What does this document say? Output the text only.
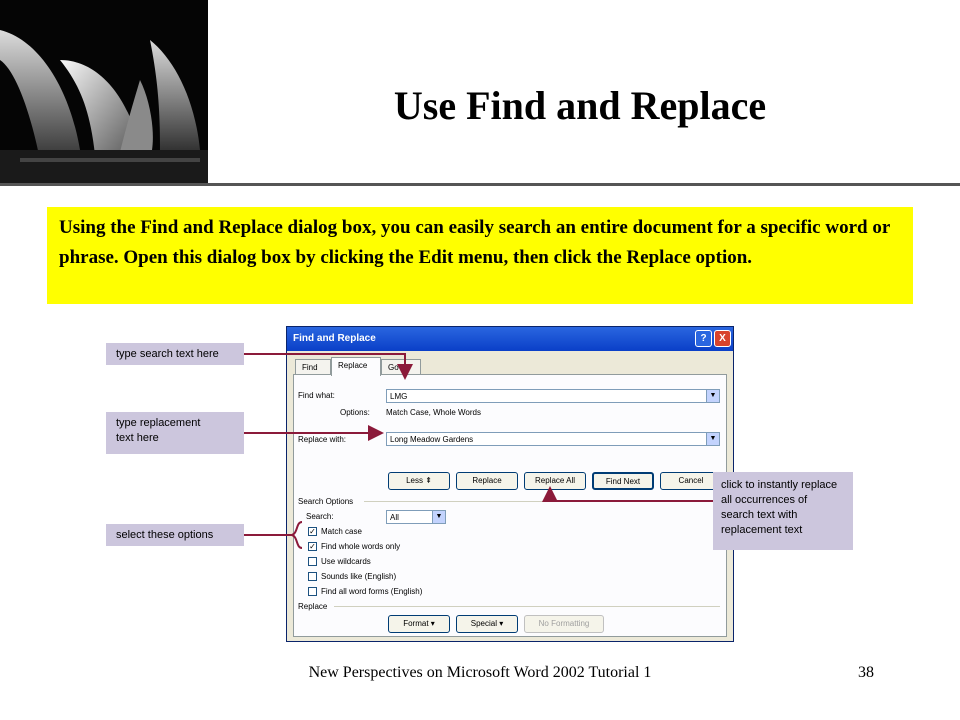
Use Find and Replace
Using the Find and Replace dialog box, you can easily search an entire document for a specific word or phrase. Open this dialog box by clicking the Edit menu, then click the Replace option.
Find and Replace	?	X
Find	Replace	Go To
Find what:	LMG	▼
Options: Match Case, Whole Words
Replace with:	Long Meadow Gardens	▼
Less ⇞	Replace	Replace All	Find Next	Cancel
Search Options
Search:	All	▼
✓ Match case
✓ Find whole words only
Use wildcards
Sounds like (English)
Find all word forms (English)
Replace
Format ▾	Special ▾	No Formatting
type search text here
type replacement
text here
select these options
click to instantly replace
all occurrences of
search text with
replacement text
New Perspectives on Microsoft Word 2002 Tutorial 1	38
